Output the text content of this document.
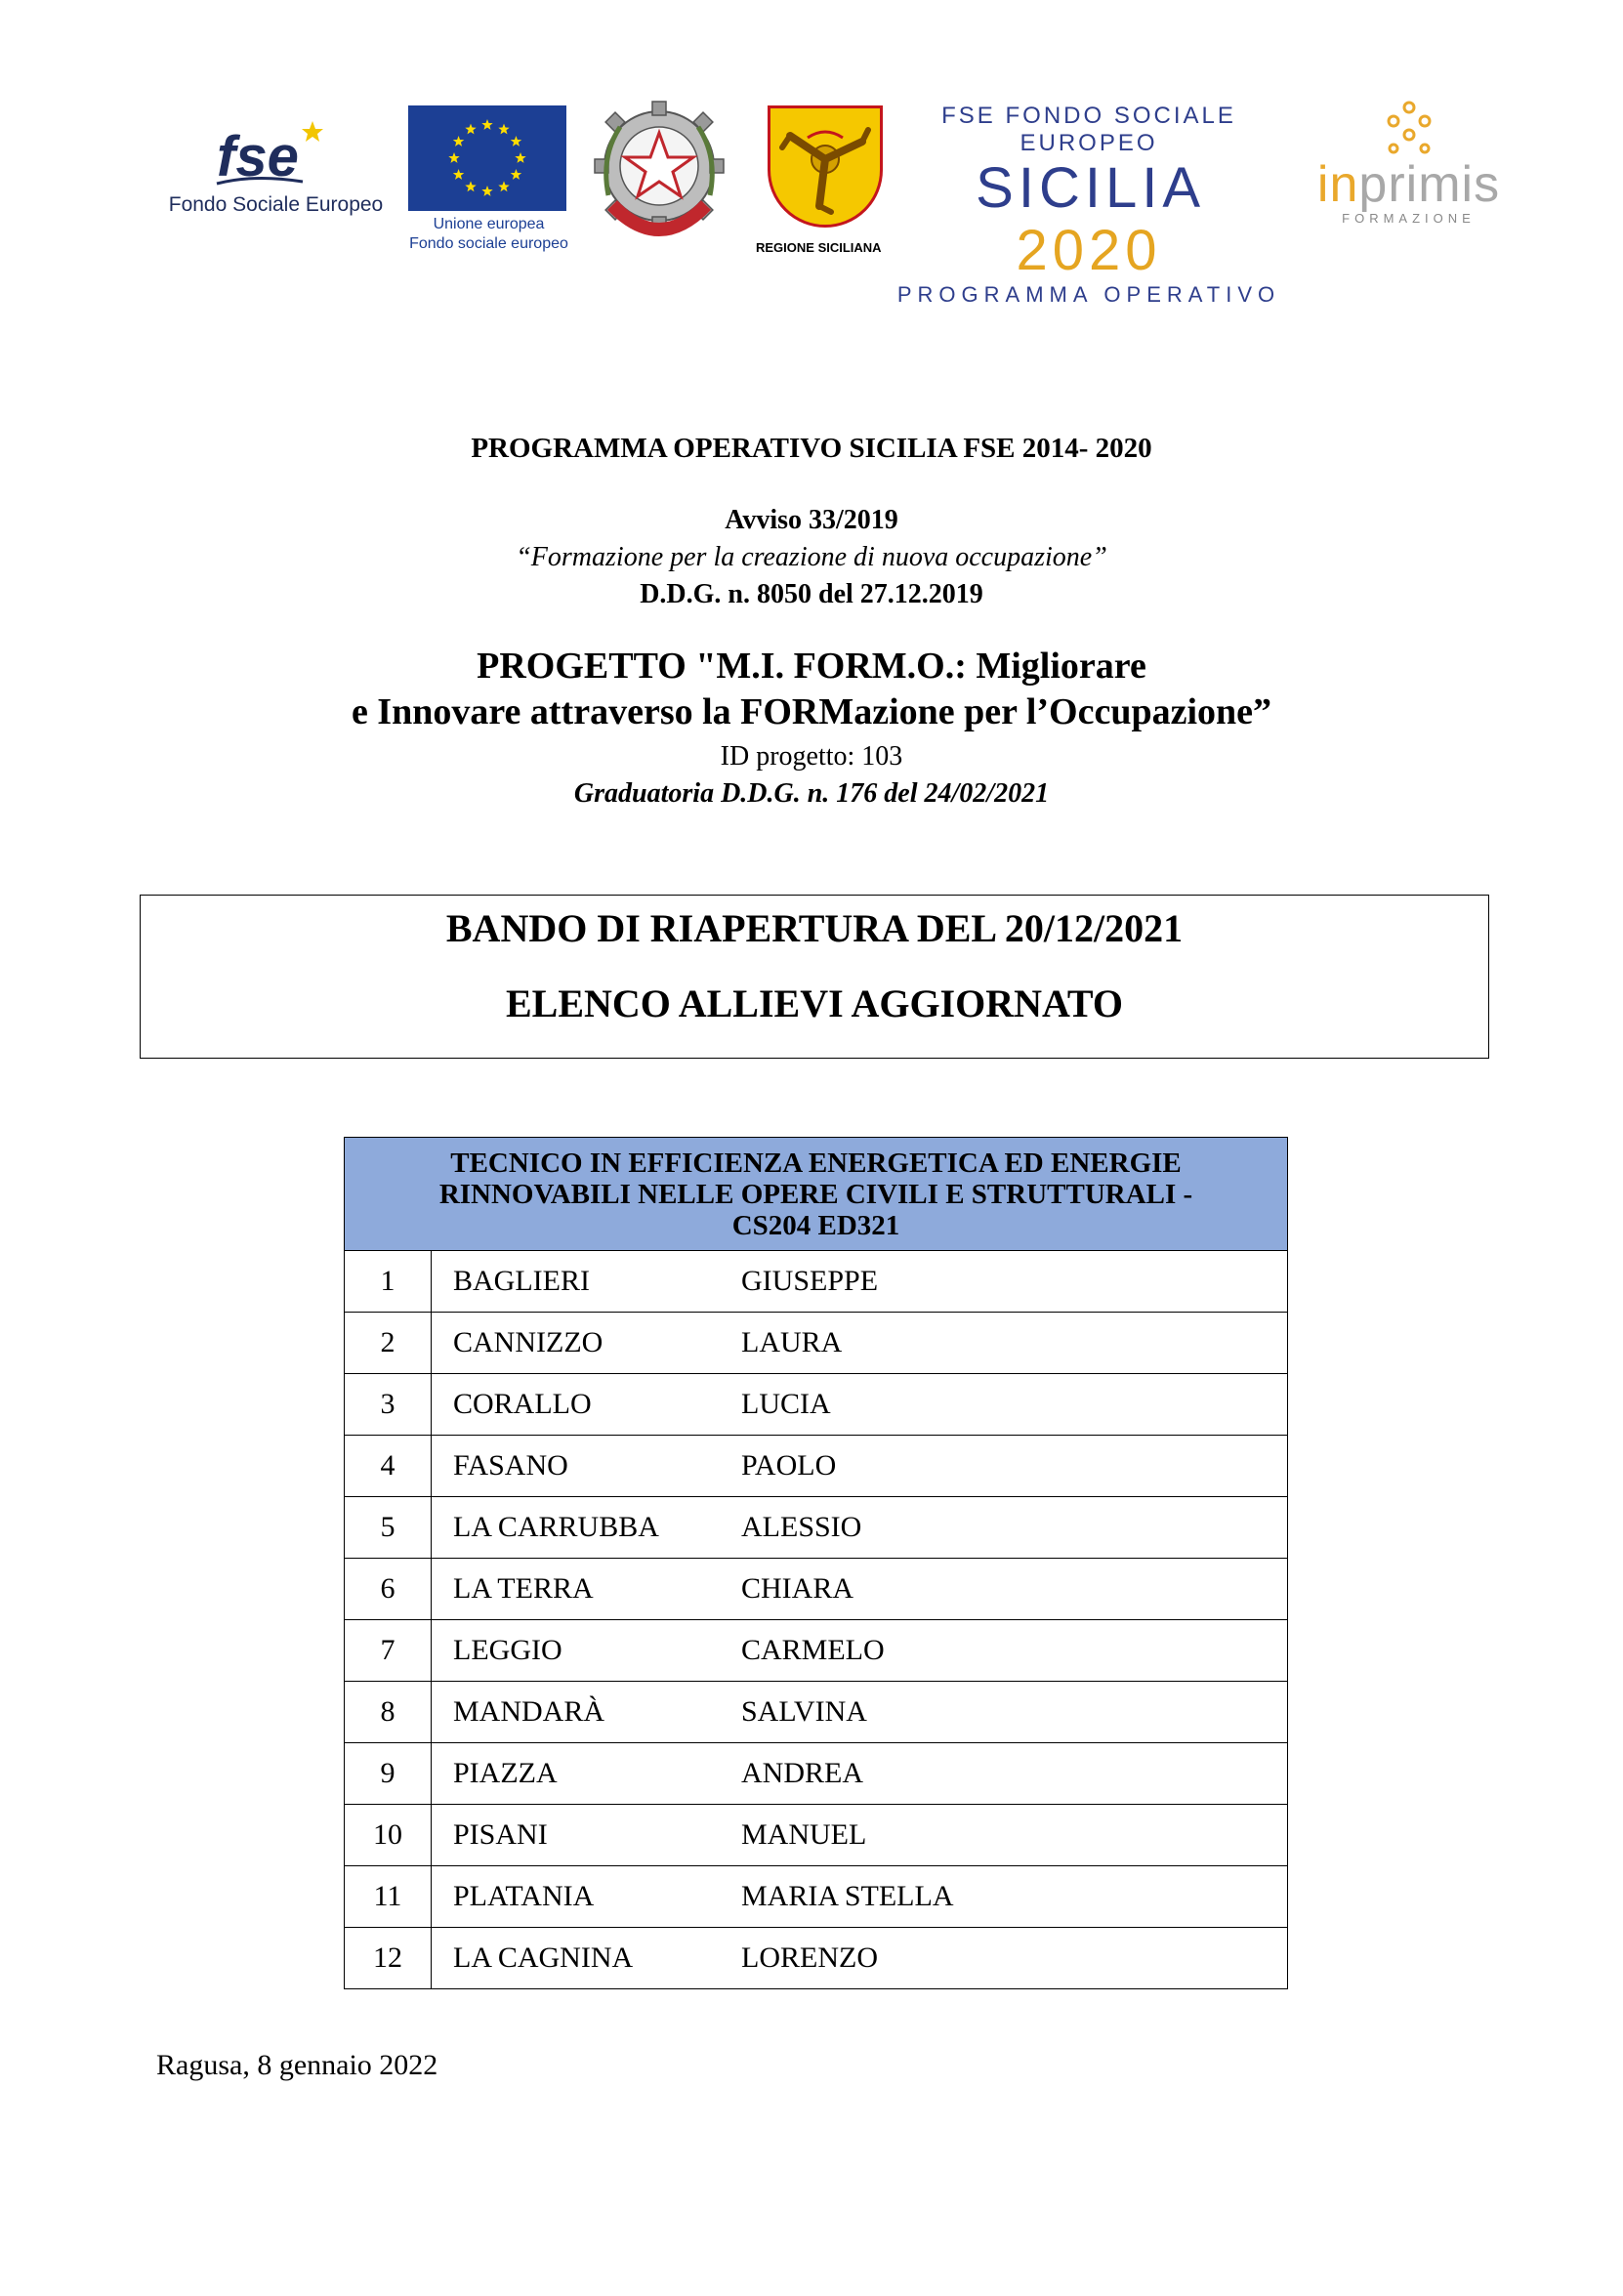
fse
Fondo Sociale Europeo
Unione europea
Fondo sociale europeo	REGIONE SICILIANA
FSE FONDO SOCIALE EUROPEO
SICILIA 2020
PROGRAMMA OPERATIVO
inprimis
FORMAZIONE
PROGRAMMA OPERATIVO SICILIA FSE 2014- 2020
Avviso 33/2019
“Formazione per la creazione di nuova occupazione”
D.D.G. n. 8050 del 27.12.2019
PROGETTO "M.I. FORM.O.: Migliorare
e Innovare attraverso la FORMazione per l’Occupazione”
ID progetto: 103
Graduatoria D.D.G. n. 176 del 24/02/2021
BANDO DI RIAPERTURA DEL 20/12/2021
ELENCO ALLIEVI AGGIORNATO
TECNICO IN EFFICIENZA ENERGETICA ED ENERGIE
RINNOVABILI NELLE OPERE CIVILI E STRUTTURALI -
CS204 ED321		

1	BAGLIERI	GIUSEPPE
2	CANNIZZO	LAURA
3	CORALLO	LUCIA
4	FASANO	PAOLO
5	LA CARRUBBA	ALESSIO
6	LA TERRA	CHIARA
7	LEGGIO	CARMELO
8	MANDARÀ	SALVINA
9	PIAZZA	ANDREA
10	PISANI	MANUEL
11	PLATANIA	MARIA STELLA
12	LA CAGNINA	LORENZO
Ragusa, 8 gennaio 2022
